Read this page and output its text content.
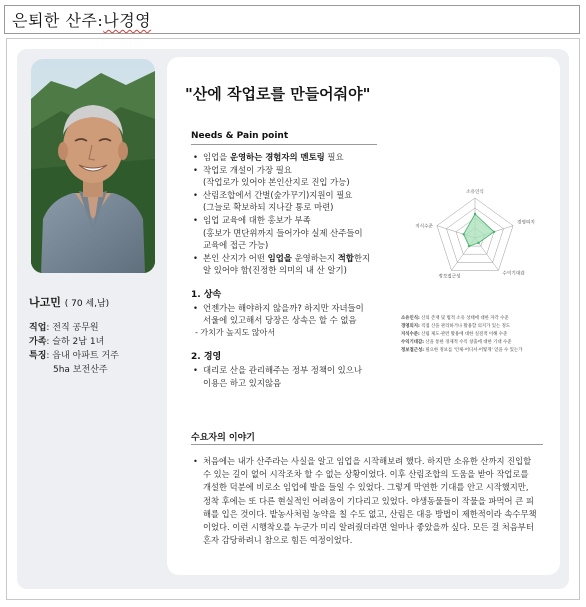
은퇴한 산주: 나경영
나고민 ( 70 세,남)
직업 : 전직 공무원
가족 : 슬하 2남 1녀
특징 : 읍내 아파트 거주
5ha 보전산주
"산에 작업로를 만들어줘야"
Needs & Pain point
• 임업을 운영하는 경험자의 멘토링 필요
• 작업로 개설이 가장 필요
(작업로가 있어야 본인산지로 진입 가능)
• 산림조합에서 간벌(숲가꾸기)지원이 필요
(그늘로 확보하되 지나갈 통로 마련)
• 임업 교육에 대한 홍보가 부족
(홍보가 면단위까지 들어가야 실제 산주들이
교육에 접근 가능)
• 본인 산지가 어떤 임업을 운영하는지 적합한지
알 있어야 함(진정한 의미의 내 산 알기)
1. 상속
• 언젠가는 해야하지 않을까? 하지만 자녀들이
서울에 있고해서 당장은 상속은 할 수 없음
- 가치가 높지도 않아서
2. 경영
• 대리로 산을 관리해주는 정부 정책이 있으나
이용은 하고 있지않음
소유인식
경영의지
수익기대감
정보접근성
지식수준
소유인식: 산의 존재 및 법적 소유 상태에 대한 자각 수준
경영의지: 직접 산을 관리하거나 활용할 의지가 있는 정도
지식수준: 산림 제도·관련 활용에 대한 실질적 이해 수준
수익기대감: 산을 통한 경제적 수익 창출에 대한 기대 수준
정보접근성: 필요한 정보를 '언제·어디서·어떻게' 얻을 수 있는가
수요자의 이야기
• 처음에는 내가 산주라는 사실을 알고 임업을 시작해보려 했다. 하지만 소유한 산까지 진입할
수 있는 길이 없어 시작조차 할 수 없는 상황이었다. 이후 산림조합의 도움을 받아 작업로를
개설한 덕분에 비로소 임업에 발을 들일 수 있었다. 그렇게 막연한 기대를 안고 시작했지만,
정착 후에는 또 다른 현실적인 어려움이 기다리고 있었다. 야생동물들이 작물을 파먹어 큰 피
해를 입은 것이다. 밭농사처럼 농약을 칠 수도 없고, 산림은 대응 방법이 제한적이라 속수무책
이었다. 이런 시행착오를 누군가 미리 알려줬더라면 얼마나 좋았을까 싶다. 모든 걸 처음부터
혼자 감당하려니 참으로 힘든 여정이었다.
